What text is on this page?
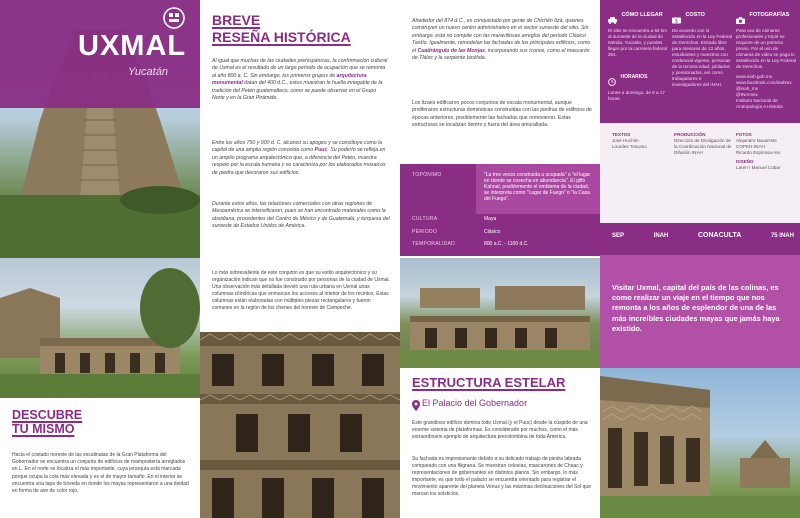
UXMAL
Yucatán
DESCUBRE
TÚ MISMO
Hacia el costado noreste de las escalinatas de la Gran Plataforma del Gobernador se encuentra un conjunto de edificios de mampostería arreglados en L. En el norte se localiza el más importante, cuya jerarquía está marcada porque ocupa la cota más elevada y es el de mayor tamaño. En el interior se encuentra una tapa de bóveda en donde los mayas representaron a una deidad en forma de ave de color rojo.
BREVE
RESEÑA HISTÓRICA

Al igual que muchas de las ciudades prehispánicas, la conformación cultural de Uxmal es el resultado de un largo período de ocupación que se remonta al año 800 a. C. Sin embargo, los primeros grupos de arquitectura monumental datan del 400 d.C., estos muestran la huella innegable de la tradición del Petén guatemalteco, como se puede observar en el Grupo Norte y en la Gran Pirámide.

Entre los años 750 y 900 d. C. alcanzó su apogeo y se constituye como la capital de una amplia región conocida como Puuc. Su poderío se refleja en un amplio programa arquitectónico que, a diferencia del Petén, muestra respeto por la escala humana y se caracteriza por los elaborados mosaicos de piedra que decoraron sus edificios.

Durante estos años, las relaciones comerciales con otras regiones de Mesoamérica se intensificaron, pues se han encontrado materiales como la obsidiana, procedentes del Centro de México y de Guatemala, y turquesa del suroeste de Estados Unidos de América.

Lo más sobresaliente de este conjunto es que su estilo arquitectónico y su organización indican que no fue construido por personas de la ciudad de Uxmal. Una observación más detallada develó una ruta urbana en Uxmal unas columnas cilíndricas que enmarcan los accesos al interior de los recintos. Estas columnas están elaboradas con múltiples piezas rectangulares y fueron comunes en la región de los chenes del noreste de Campeche.

Alrededor del 874 d.C., es conquistado por gente de Chichén Itzá, quienes construyen un nuevo centro administrativo en el sector suroeste del sitio. Sin embargo, está no compite con las maravillosas arreglos del periodo Clásico Tardío. Igualmente, remodelan las fachadas de los principales edificios, como el Cuadrángulo de las Monjas, incorporando sus íconos, como el mascarón de Tláloc y la serpiente bicéfala.

Los itzaes edificaron pocos conjuntos de escala monumental, aunque proliferaron estructuras domésticas construidas con las piedras de edificios de épocas anteriores, posiblemente las fachadas que removieron. Estas estructuras se localizan dentro y fuera del área amurallada.

TOPÓNIMO	"La tres veces construida u ocupada" o "el lugar en donde se cosecha en abundancia". El glifo Kahnal, posiblemente el emblema de la ciudad, se interpreta como "Lugar de Fuego" o "la Casa del Fuego".
CULTURA	Maya
PERIODO	Clásico
TEMPORALIDAD	800 a.C. - 1100 d.C.
ESTRUCTURA ESTELAR
El Palacio del Gobernador

Este grandioso edificio domina todo Uxmal (y el Puuc) desde la cúspide de una enorme sistema de plataformas. Es considerado por muchos, como el más extraordinario ejemplo de arquitectura precolombina de toda América.

Su fachada es impresionante debido a su delicado trabajo de piedra labrada comparado con una filigrana. Se muestran celosías, mascarones de Chaac y representaciones de gobernantes en distintos planos. Sin embargo, lo más importante, es que todo el palacio se encuentra orientado para registrar el movimiento aparente del planeta Venus y las máximas declinaciones del Sol que marcan los solsticios.

CÓMO LLEGAR
El sitio se encuentra a 62 km al suroeste de la ciudad de Mérida, Yucatán, y puedes llegar por la carretera federal 261.
HORARIOS
Lunes a domingo, de 8 a 17 horas.
$
COSTO
De acuerdo con lo establecido en la Ley Federal de Derechos. Entrada libre para menores de 13 años, estudiantes y maestros con credencial vigente, personas de la tercera edad, jubilados y pensionados, así como trabajadores e investigadores del INAH.
FOTOGRAFÍAS
Para uso de cámaras profesionales y trípié se requiere de un permiso previo. Por el uso de cámaras de video se paga lo establecido en la Ley Federal de Derechos.
www.inah.gob.mx
www.facebook.com/inahmx
@inah_mx
@INAHmx
Instituto Nacional de Antropología e Historia
TEXTOS
José Huchim
Lourdes Toscano
PRODUCCIÓN
Dirección de Divulgación de la Coordinación Nacional de Difusión INAH
FOTOS
Alejandro Navarrete
COPEH-INAH
Ricardo Espinosa-reo
DISEÑO
Laren / Manuel Cobar
SEP	INAH	CONACULTA	75 INAH

Visitar Uxmal, capital del país de las colinas, es como realizar un viaje en el tiempo que nos remonta a los años de esplendor de una de las más increíbles ciudades mayas que jamás haya existido.
